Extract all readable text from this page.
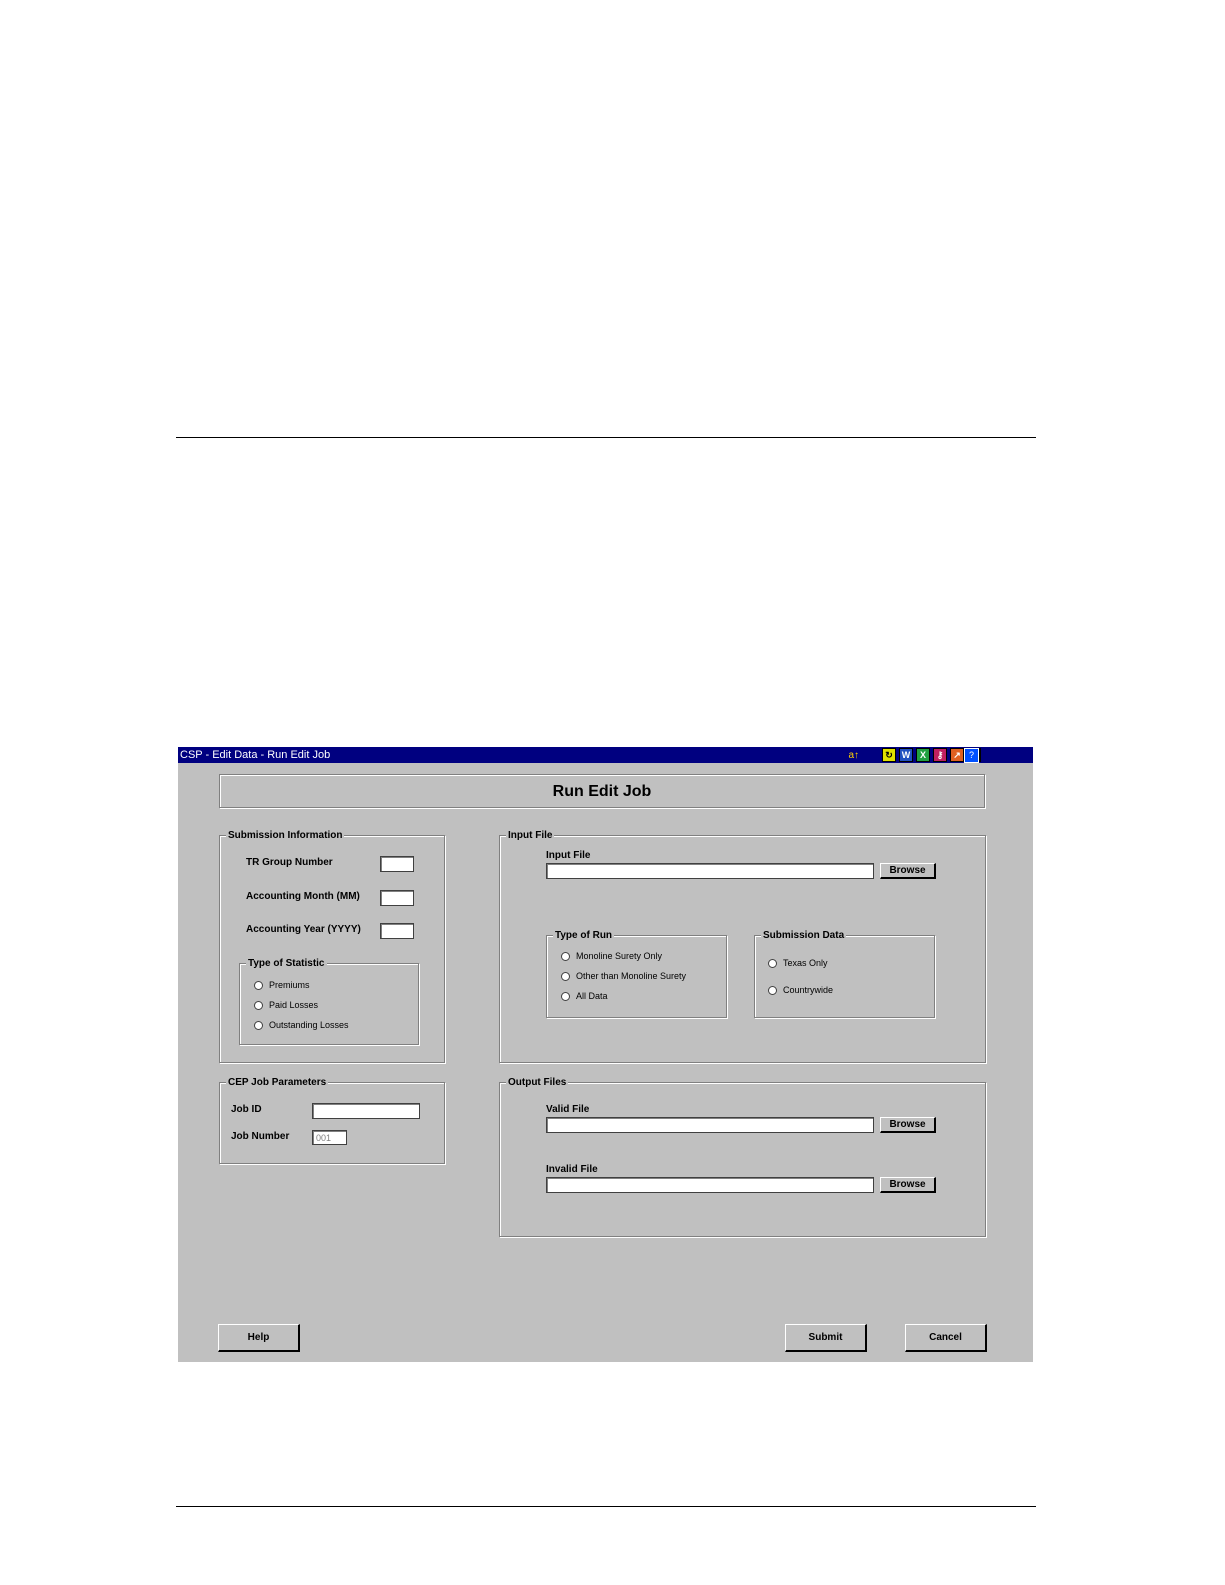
CSP - Edit Data - Run Edit Job	a↑	↻ W	X	⚷	↗ ?
Run Edit Job
Submission Information
TR Group Number
Accounting Month (MM)
Accounting Year (YYYY)
Type of Statistic
Premiums
Paid Losses
Outstanding Losses
CEP Job Parameters
Job ID
Job Number
001
Input File
Input File
Browse
Type of Run
Monoline Surety Only
Other than Monoline Surety
All Data
Submission Data
Texas Only
Countrywide
Output Files
Valid File
Browse
Invalid File
Browse
Help	Submit	Cancel
